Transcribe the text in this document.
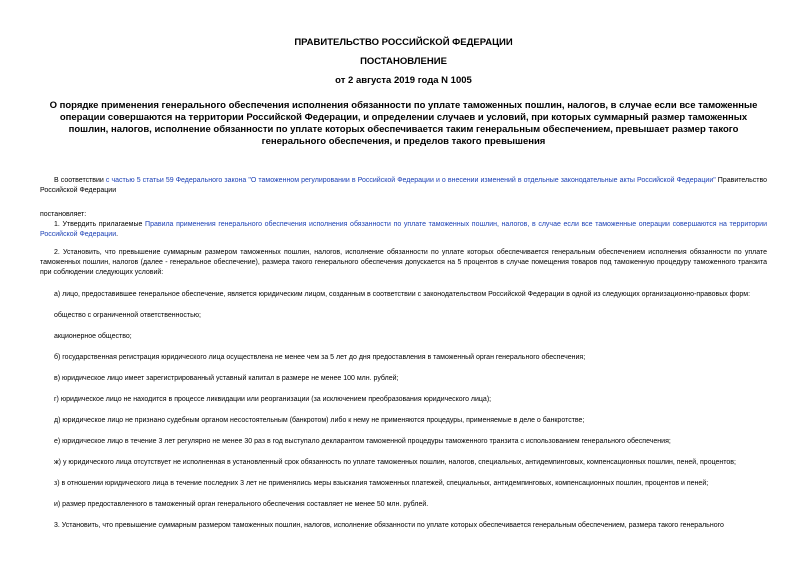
ПРАВИТЕЛЬСТВО РОССИЙСКОЙ ФЕДЕРАЦИИ
ПОСТАНОВЛЕНИЕ
от 2 августа 2019 года N 1005
О порядке применения генерального обеспечения исполнения обязанности по уплате таможенных пошлин, налогов, в случае если все таможенные операции совершаются на территории Российской Федерации, и определении случаев и условий, при которых суммарный размер таможенных пошлин, налогов, исполнение обязанности по уплате которых обеспечивается таким генеральным обеспечением, превышает размер такого генерального обеспечения, и пределов такого превышения
В соответствии с частью 5 статьи 59 Федерального закона "О таможенном регулировании в Российской Федерации и о внесении изменений в отдельные законодательные акты Российской Федерации" Правительство Российской Федерации
постановляет:
1. Утвердить прилагаемые Правила применения генерального обеспечения исполнения обязанности по уплате таможенных пошлин, налогов, в случае если все таможенные операции совершаются на территории Российской Федерации.
2. Установить, что превышение суммарным размером таможенных пошлин, налогов, исполнение обязанности по уплате которых обеспечивается генеральным обеспечением исполнения обязанности по уплате таможенных пошлин, налогов (далее - генеральное обеспечение), размера такого генерального обеспечения допускается на 5 процентов в случае помещения товаров под таможенную процедуру таможенного транзита при соблюдении следующих условий:
а) лицо, предоставившее генеральное обеспечение, является юридическим лицом, созданным в соответствии с законодательством Российской Федерации в одной из следующих организационно-правовых форм:
общество с ограниченной ответственностью;
акционерное общество;
б) государственная регистрация юридического лица осуществлена не менее чем за 5 лет до дня предоставления в таможенный орган генерального обеспечения;
в) юридическое лицо имеет зарегистрированный уставный капитал в размере не менее 100 млн. рублей;
г) юридическое лицо не находится в процессе ликвидации или реорганизации (за исключением преобразования юридического лица);
д) юридическое лицо не признано судебным органом несостоятельным (банкротом) либо к нему не применяются процедуры, применяемые в деле о банкротстве;
е) юридическое лицо в течение 3 лет регулярно не менее 30 раз в год выступало декларантом таможенной процедуры таможенного транзита с использованием генерального обеспечения;
ж) у юридического лица отсутствует не исполненная в установленный срок обязанность по уплате таможенных пошлин, налогов, специальных, антидемпинговых, компенсационных пошлин, пеней, процентов;
з) в отношении юридического лица в течение последних 3 лет не применялись меры взыскания таможенных платежей, специальных, антидемпинговых, компенсационных пошлин, процентов и пеней;
и) размер предоставленного в таможенный орган генерального обеспечения составляет не менее 50 млн. рублей.
3. Установить, что превышение суммарным размером таможенных пошлин, налогов, исполнение обязанности по уплате которых обеспечивается генеральным обеспечением, размера такого генерального
